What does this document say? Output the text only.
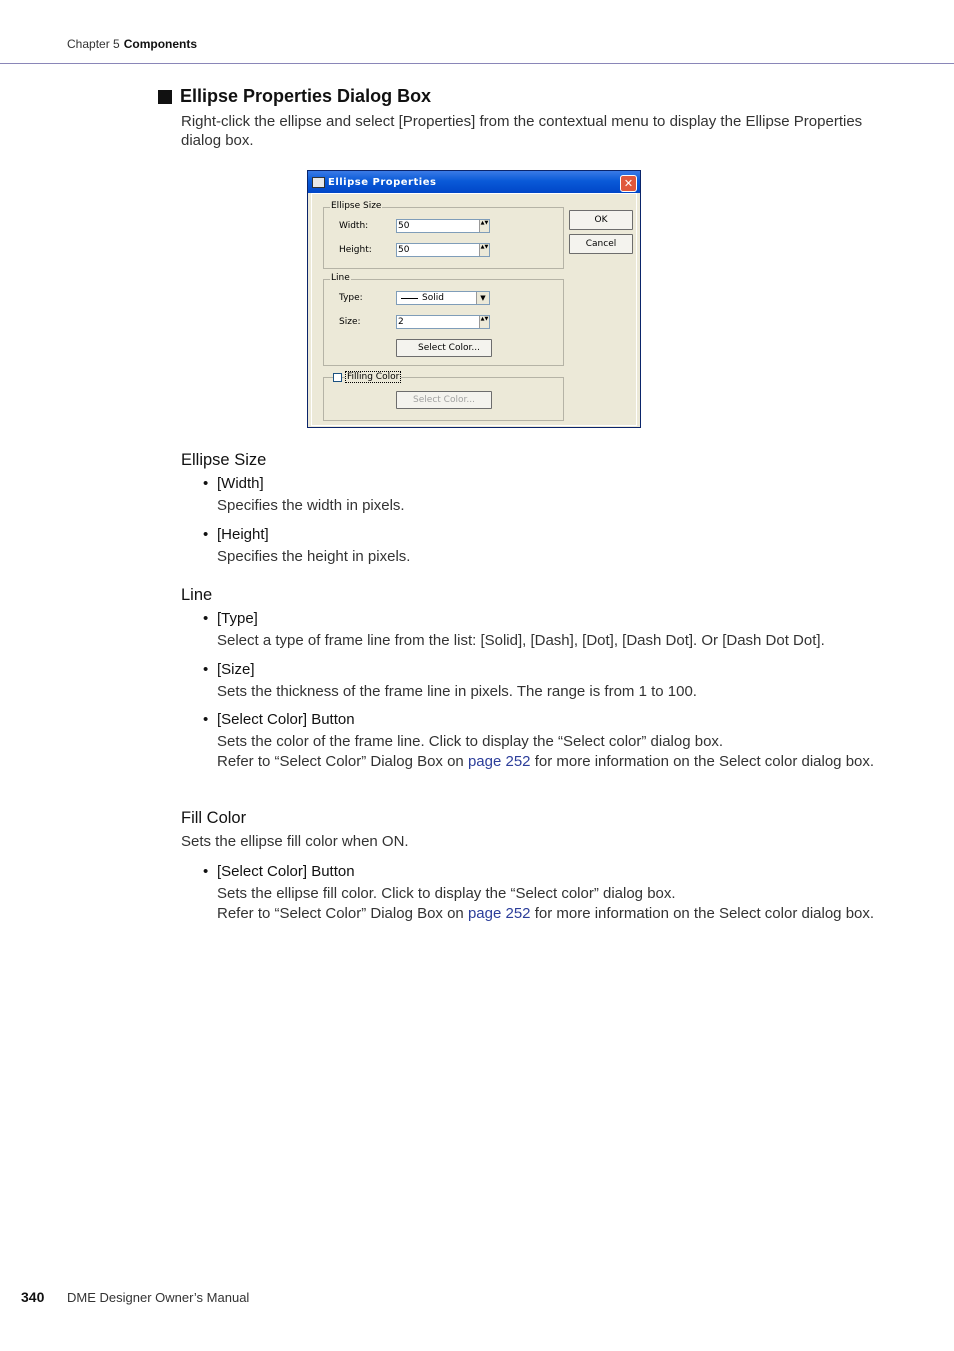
Chapter 5 Components
Ellipse Properties Dialog Box
Right-click the ellipse and select [Properties] from the contextual menu to display the Ellipse Properties dialog box.
Ellipse Properties	✕
Ellipse Size
Width:	50	▲▼
Height:	50	▲▼
Line
Type:	Solid	▼
Size:	2	▲▼
Select Color...
Filling Color
Select Color...
OK
Cancel
Ellipse Size
• [Width]
Specifies the width in pixels.
• [Height]
Specifies the height in pixels.
Line
• [Type]
Select a type of frame line from the list: [Solid], [Dash], [Dot], [Dash Dot]. Or [Dash Dot Dot].
• [Size]
Sets the thickness of the frame line in pixels. The range is from 1 to 100.
• [Select Color] Button
Sets the color of the frame line. Click to display the “Select color” dialog box.
Refer to “Select Color” Dialog Box on page 252 for more information on the Select color dialog box.
Fill Color
Sets the ellipse fill color when ON.
• [Select Color] Button
Sets the ellipse fill color. Click to display the “Select color” dialog box.
Refer to “Select Color” Dialog Box on page 252 for more information on the Select color dialog box.
340 DME Designer Owner’s Manual
